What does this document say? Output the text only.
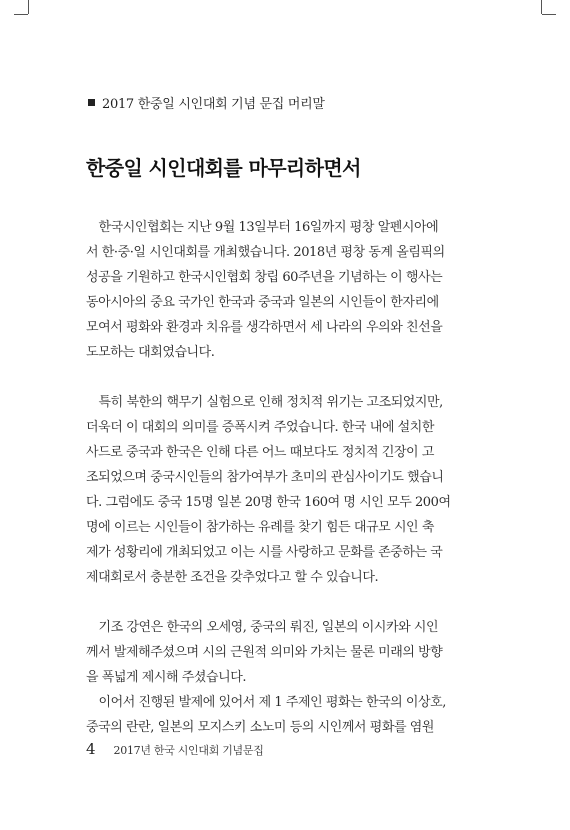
2017 한중일 시인대회 기념 문집 머리말
한중일 시인대회를 마무리하면서

　한국시인협회는 지난 9월 13일부터 16일까지 평창 알펜시아에
서 한·중·일 시인대회를 개최했습니다. 2018년 평창 동계 올림픽의
성공을 기원하고 한국시인협회 창립 60주년을 기념하는 이 행사는
동아시아의 중요 국가인 한국과 중국과 일본의 시인들이 한자리에
모여서 평화와 환경과 치유를 생각하면서 세 나라의 우의와 친선을
도모하는 대회였습니다.

　특히 북한의 핵무기 실험으로 인해 정치적 위기는 고조되었지만,
더욱더 이 대회의 의미를 증폭시켜 주었습니다. 한국 내에 설치한
사드로 중국과 한국은 인해 다른 어느 때보다도 정치적 긴장이 고
조되었으며 중국시인들의 참가여부가 초미의 관심사이기도 했습니
다. 그럼에도 중국 15명 일본 20명 한국 160여 명 시인 모두 200여
명에 이르는 시인들이 참가하는 유례를 찾기 힘든 대규모 시인 축
제가 성황리에 개최되었고 이는 시를 사랑하고 문화를 존중하는 국
제대회로서 충분한 조건을 갖추었다고 할 수 있습니다.

　기조 강연은 한국의 오세영, 중국의 뤄진, 일본의 이시카와 시인
께서 발제해주셨으며 시의 근원적 의미와 가치는 물론 미래의 방향
을 폭넓게 제시해 주셨습니다.

　이어서 진행된 발제에 있어서 제 1 주제인 평화는 한국의 이상호,
중국의 란란, 일본의 모지스키 소노미 등의 시인께서 평화를 염원

4 2017년 한국 시인대회 기념문집
